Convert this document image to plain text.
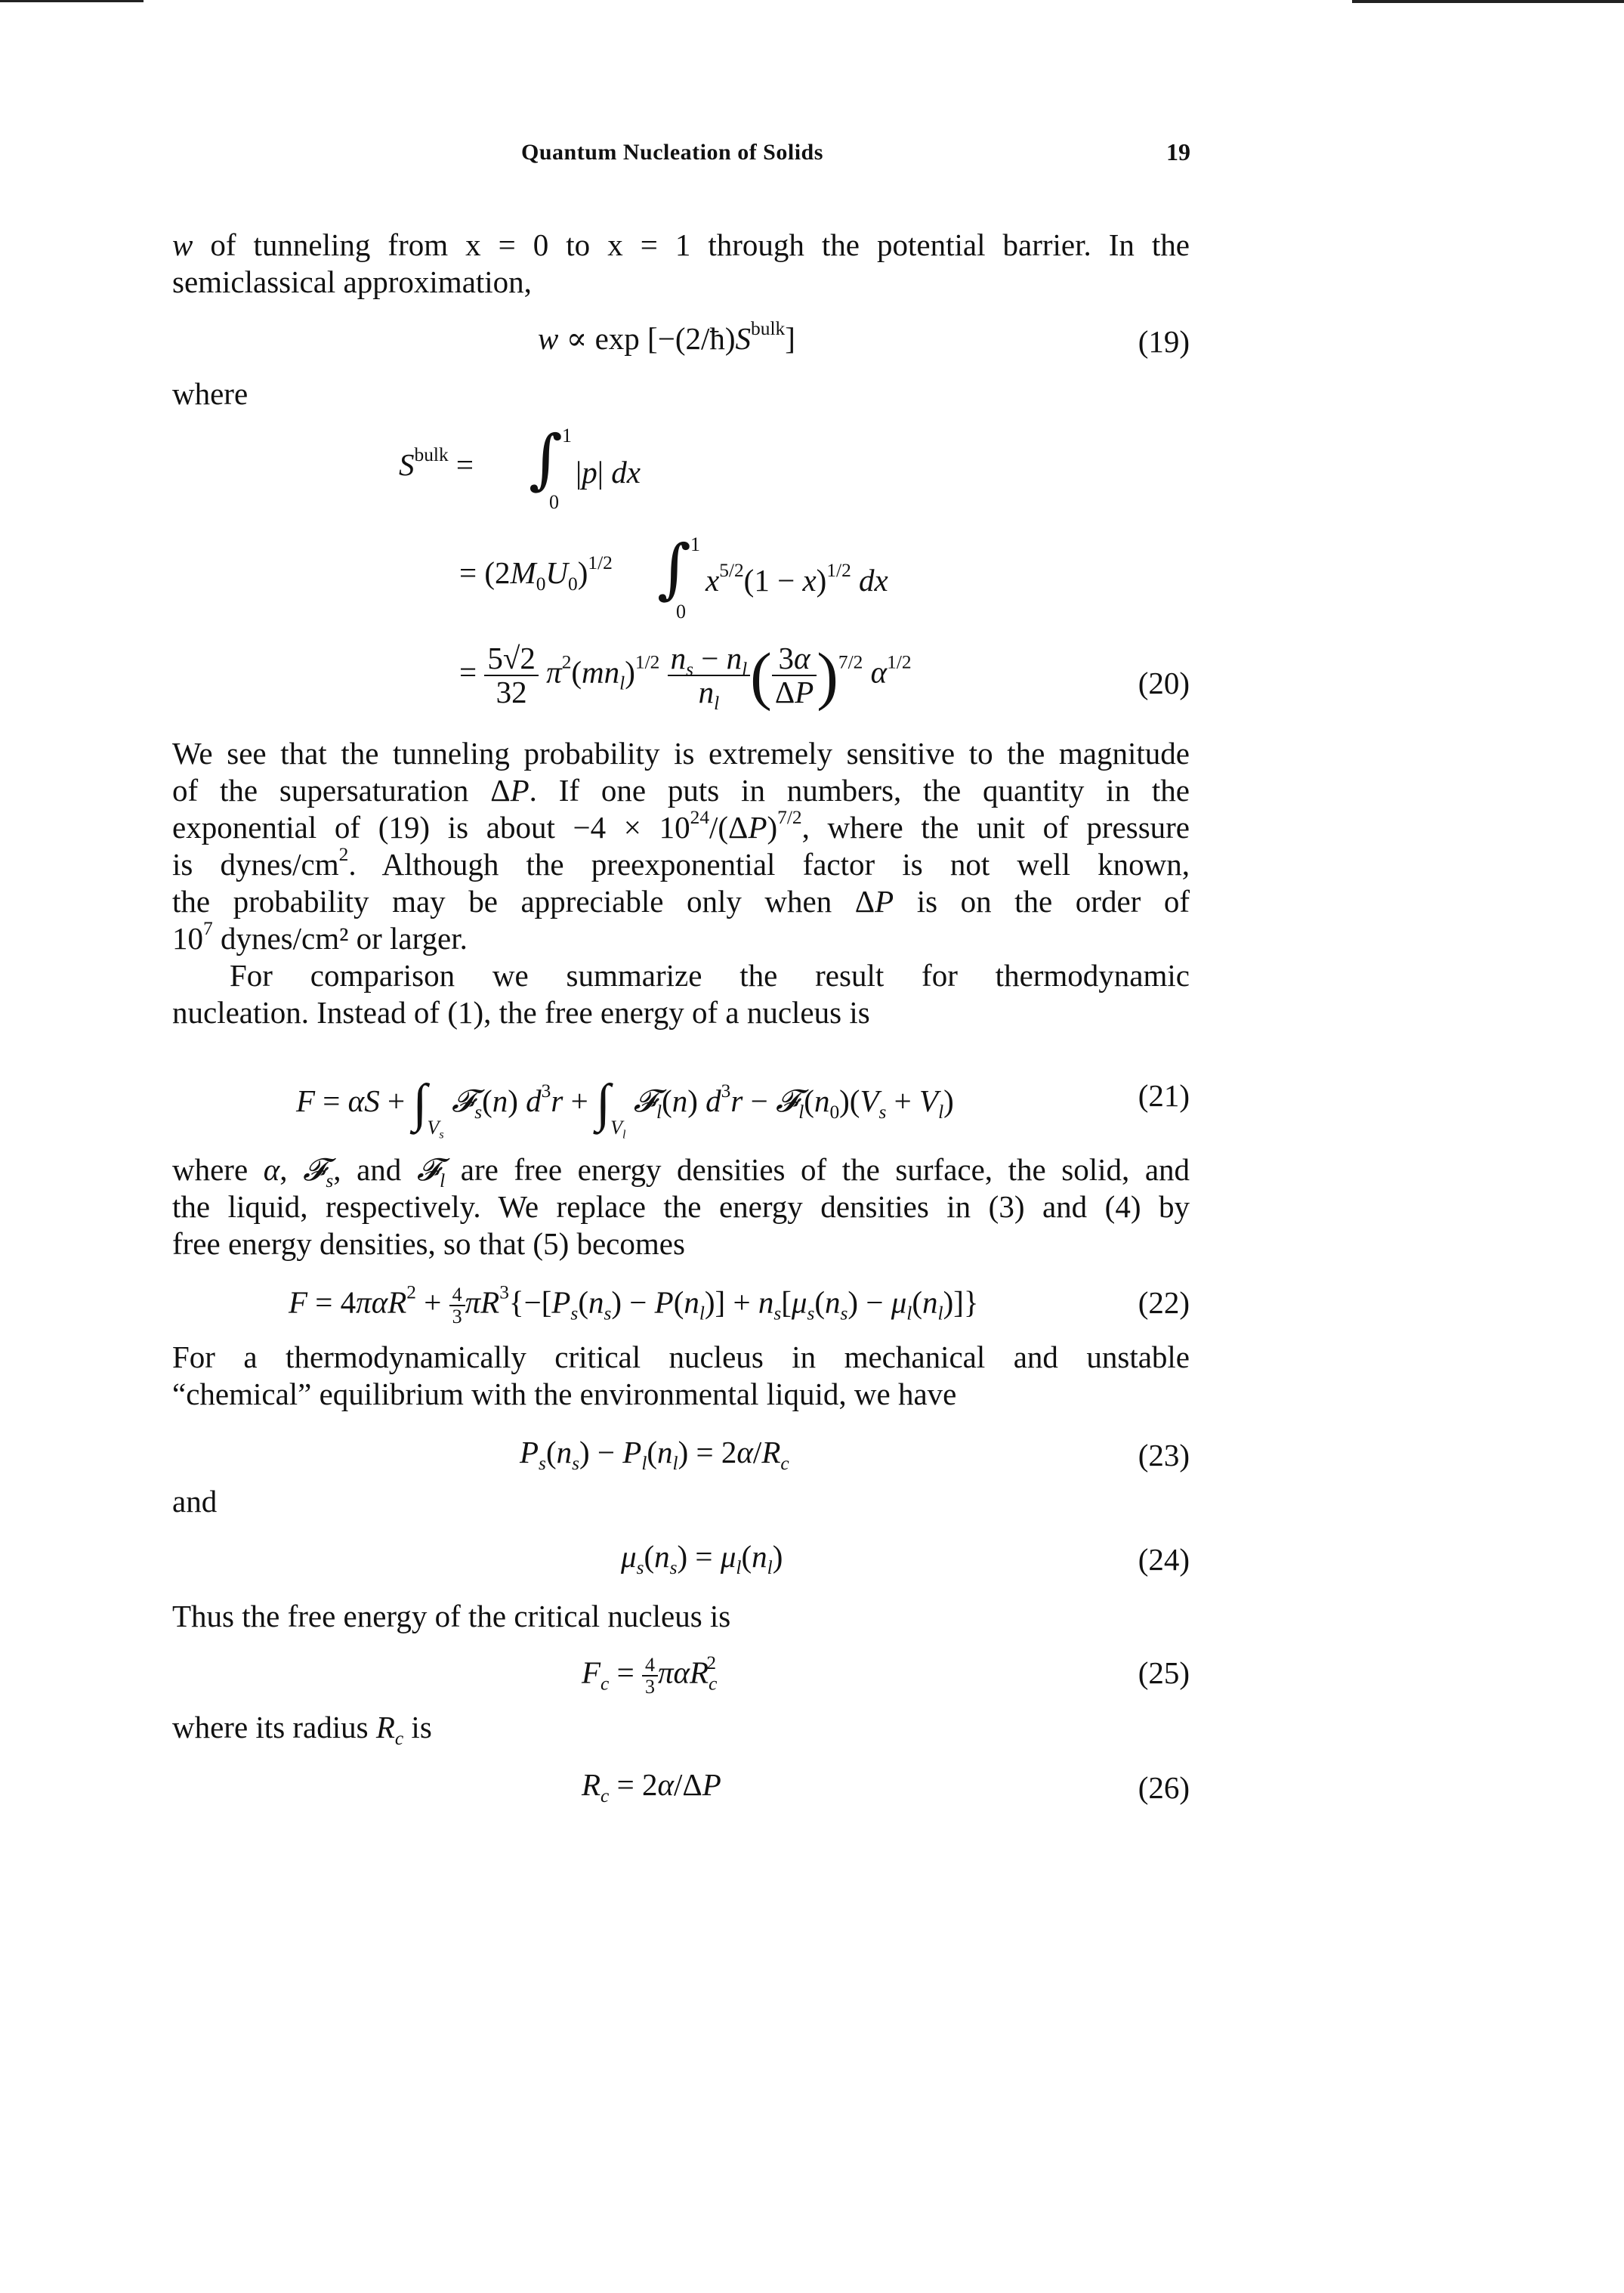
Quantum Nucleation of Solids	19
w of tunneling from x = 0 to x = 1 through the potential barrier. In the
semiclassical approximation,
$w \propto \exp [-(2/ħ)S^{bulk}]$	(19)
where
$S^{bulk}$ = ∫ 1
0
|p| dx
= $(2M_0U_0)^{1/2}$ ∫ 1
0
$x^{5/2}(1 - x)^{1/2}$ dx
= $\frac{5√2}{32} \pi^2(mn_l)^{1/2} \frac{n_s - n_l}{n_l}$ ( $\frac{3\alpha}{\Delta P} )^{7/2}$ $\alpha^{1/2}$
(20)
We see that the tunneling probability is extremely sensitive to the magnitude
of the supersaturation ΔP. If one puts in numbers, the quantity in the
exponential of (19) is about $-4 \times 10^{24}/(\Delta P)^{7/2}$, where the unit of pressure
is dynes/$cm^2$. Although the preexponential factor is not well known,
the probability may be appreciable only when ΔP is on the order of
$10^7$ dynes/cm² or larger.
For comparison we summarize the result for thermodynamic
nucleation. Instead of (1), the free energy of a nucleus is
$F = \alpha S + \int_{V_s}$ 𝓕$_s$(n) $d^3r + \int_{V_l}$ 𝓕$_l$(n) $d^3r$ − $𝓕_l(n_0)(V_s + V_l)$	(21)
where α, 𝓕$_s$, and 𝓕$_l$ are free energy densities of the surface, the solid, and
the liquid, respectively. We replace the energy densities in (3) and (4) by
free energy densities, so that (5) becomes
$F = 4\pi\alpha R^2 + \frac{4}{3} \pi R^3\{-[P_s(n_s) - P(n_l)] + n_s[\mu_s(n_s) - \mu_l(n_l)]\}$	(22)
For a thermodynamically critical nucleus in mechanical and unstable
“chemical” equilibrium with the environmental liquid, we have
$P_s(n_s) - P_l(n_l) = 2\alpha/R_c$	(23)
and
$\mu_s(n_s) = \mu_l(n_l)$	(24)
Thus the free energy of the critical nucleus is
$F_c = \frac{4}{3} \pi\alpha R_c^2$	(25)
where its radius $R_c$ is
$R_c = 2\alpha/\Delta P$	(26)
